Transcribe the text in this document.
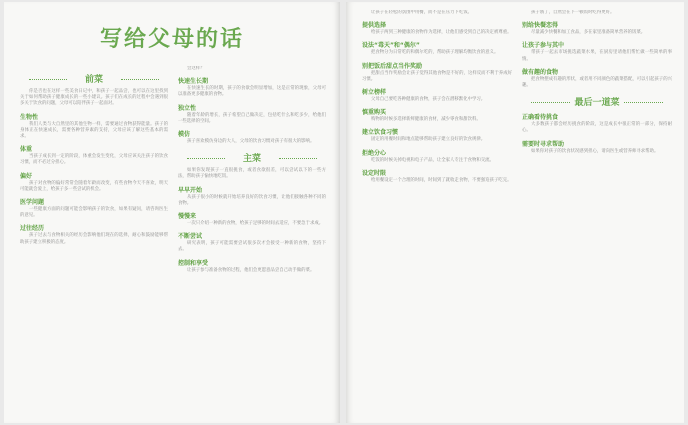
写给父母的话
前菜
你是否也在这样一些美食日记中，和孩子一起品尝，也可以在这里找到关于如何帮助孩子健康成长的一些小建议。孩子们在成长的过程中会遇到很多关于饮食的问题，父母可以陪伴孩子一起面对。
生物性
我们人类与大自然里的其他生物一样，需要通过食物获得能量。孩子的身体正在快速成长，需要各种营养素的支持，父母应该了解这些基本的需求。
体重
当孩子成长到一定的阶段，体重会发生变化，父母应该关注孩子的饮食习惯，而不必过分担心。
偏好
孩子对食物的偏好常常会随着年龄而改变，有些食物今天不喜欢，明天可能就会爱上，给孩子多一些尝试的机会。
医学问题
一些健康方面的问题可能会影响孩子的饮食，如果有疑问，请咨询医生的意见。
过往经历
孩子过去与食物相关的经历会影响他们现在的选择，耐心和鼓励能够帮助孩子建立积极的态度。
会这样？
快速生长期
在快速生长的时期，孩子的食欲会明显增加，这是正常的现象，父母可以准备更多健康的食物。
独立性
随着年龄的增长，孩子希望自己做决定，包括吃什么和吃多少，给他们一些选择的空间。
模仿
孩子喜欢模仿身边的大人，父母的饮食习惯对孩子有很大的影响。
主菜
如果你发现孩子一直很挑食，或者食欲很差，可以尝试以下的一些方法，帮助孩子愉快地吃饭。
早早开始
从孩子很小的时候就开始培养良好的饮食习惯，让他们接触各种不同的食物。
慢慢来
一次只介绍一种新的食物，给孩子足够的时间去适应，不要急于求成。
不断尝试
研究表明，孩子可能需要尝试很多次才会接受一种新的食物，坚持下去。
控制和享受
让孩子参与准备食物的过程，他们会更愿意品尝自己动手做的菜。
让孩子在轻松的氛围中用餐，而不是在压力下吃饭。
提供选择
给孩子两到三种健康的食物作为选择，让他们感受到自己的决定被尊重。
设法“毒天”和“偶尔”
把食物分为日常吃的和偶尔吃的，帮助孩子理解均衡饮食的意义。
别把饭后甜点当作奖励
把甜点当作奖励会让孩子觉得其他食物是不好的，这样反而不利于养成好习惯。
树立榜样
父母自己要吃各种健康的食物，孩子会在潜移默化中学习。
慎重购买
购物的时候多选择新鲜健康的食材，减少零食和甜饮料。
建立饮食习惯
固定的用餐时间和地点能够帮助孩子建立良好的饮食规律。
拒绝分心
吃饭的时候关掉电视和电子产品，让全家人专注于食物和交流。
设定时限
给用餐设定一个合理的时间，时间到了就收走食物，不要强迫孩子吃完。
孩子饿了，自然会在下一顿饭时吃得更好。
别给快餐恋得
尽量减少快餐和加工食品，多在家里准备简单营养的饭菜。
让孩子参与其中
带孩子一起去市场挑选蔬菜水果，在厨房里请他们帮忙做一些简单的事情。
做有趣的食物
把食物摆成有趣的形状，或者用不同颜色的蔬菜搭配，可以引起孩子的兴趣。
最后一道菜
正确看待挑食
大多数孩子都会经历挑食的阶段，这是成长中很正常的一部分，保持耐心。
需要时寻求帮助
如果你对孩子的饮食状况感到担心，请向医生或营养师寻求帮助。
